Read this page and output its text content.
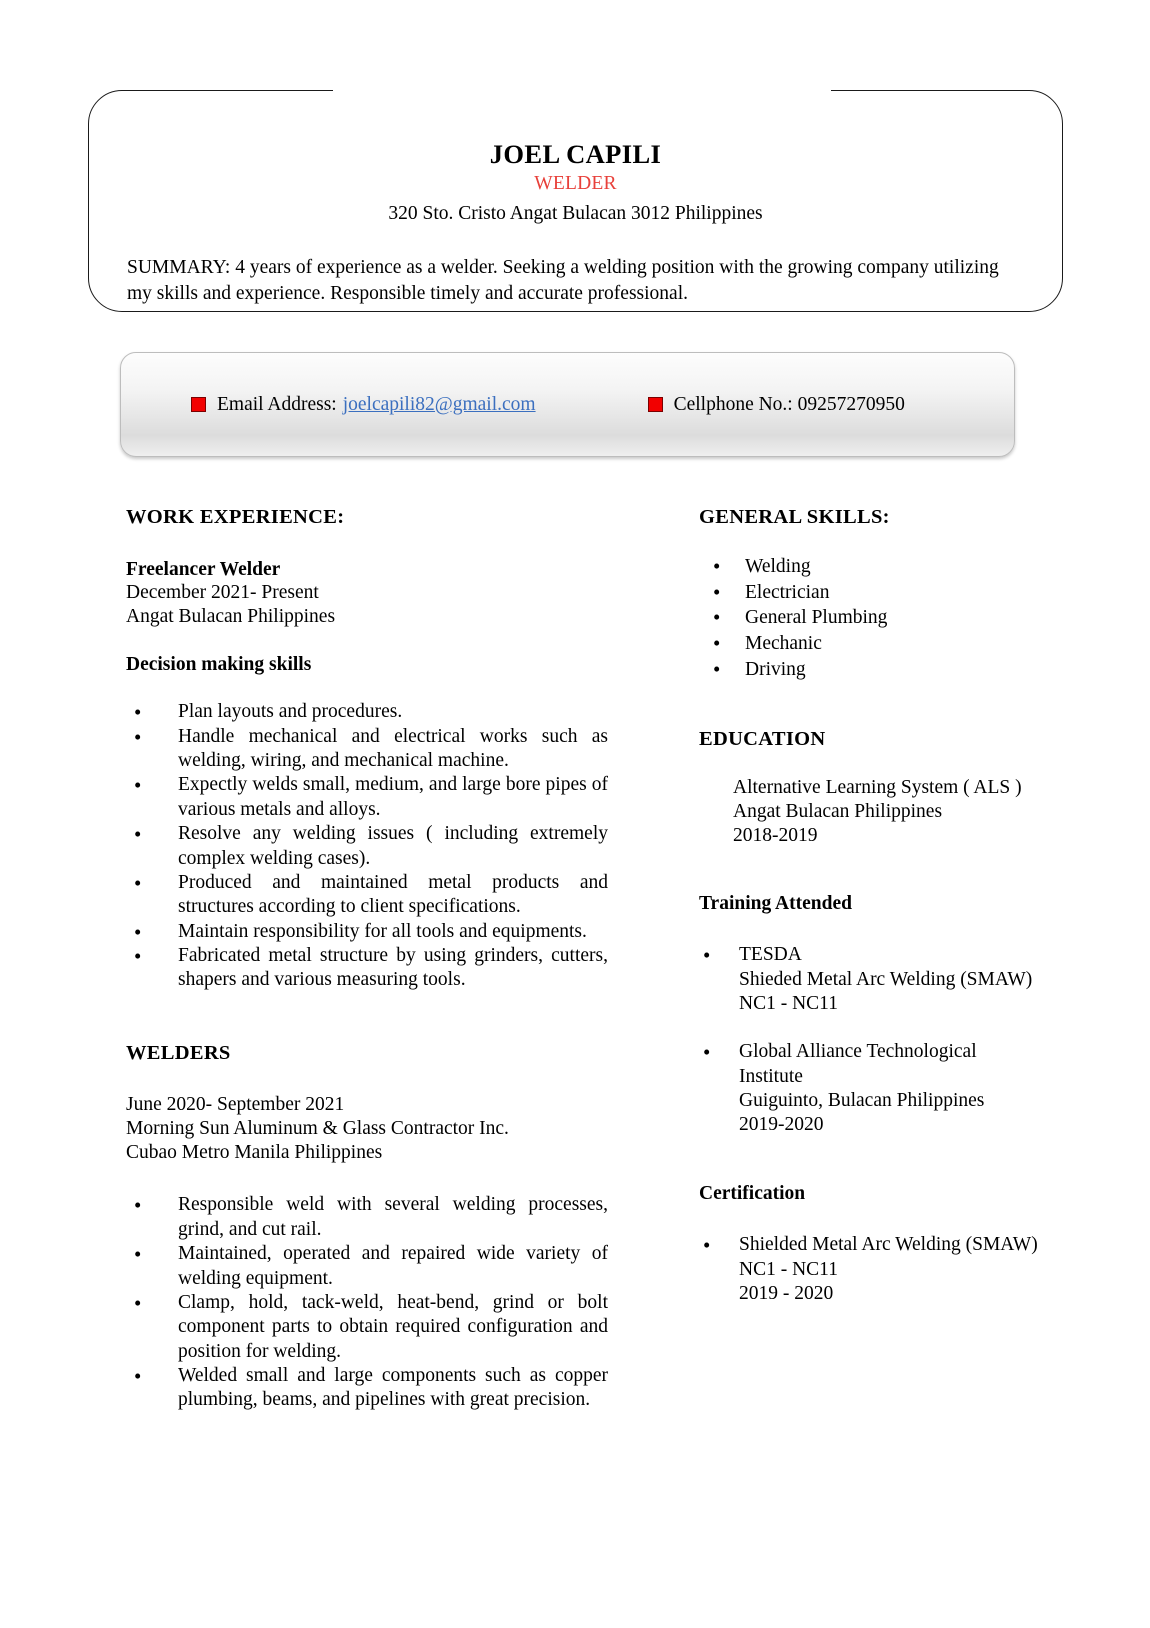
JOEL CAPILI
WELDER
320 Sto. Cristo Angat Bulacan 3012 Philippines
SUMMARY: 4 years of experience as a welder. Seeking a welding position with the growing company utilizing my skills and experience. Responsible timely and accurate professional.
Email Address: joelcapili82@gmail.com	Cellphone No.: 09257270950
WORK EXPERIENCE:
Freelancer Welder
December 2021- Present
Angat Bulacan Philippines
Decision making skills
• Plan layouts and procedures.
• Handle mechanical and electrical works such as welding, wiring, and mechanical machine.
• Expectly welds small, medium, and large bore pipes of various metals and alloys.
• Resolve any welding issues ( including extremely complex welding cases).
• Produced and maintained metal products and structures according to client specifications.
• Maintain responsibility for all tools and equipments.
• Fabricated metal structure by using grinders, cutters, shapers and various measuring tools.
WELDERS
June 2020- September 2021
Morning Sun Aluminum & Glass Contractor Inc.
Cubao Metro Manila Philippines
• Responsible weld with several welding processes, grind, and cut rail.
• Maintained, operated and repaired wide variety of welding equipment.
• Clamp, hold, tack-weld, heat-bend, grind or bolt component parts to obtain required configuration and position for welding.
• Welded small and large components such as copper plumbing, beams, and pipelines with great precision.
GENERAL SKILLS:
• Welding
• Electrician
• General Plumbing
• Mechanic
• Driving
EDUCATION
Alternative Learning System ( ALS )
Angat Bulacan Philippines
2018-2019
Training Attended
• TESDA
Shieded Metal Arc Welding (SMAW)
NC1 - NC11
• Global Alliance Technological
Institute
Guiguinto, Bulacan Philippines
2019-2020
Certification
• Shielded Metal Arc Welding (SMAW)
NC1 - NC11
2019 - 2020
